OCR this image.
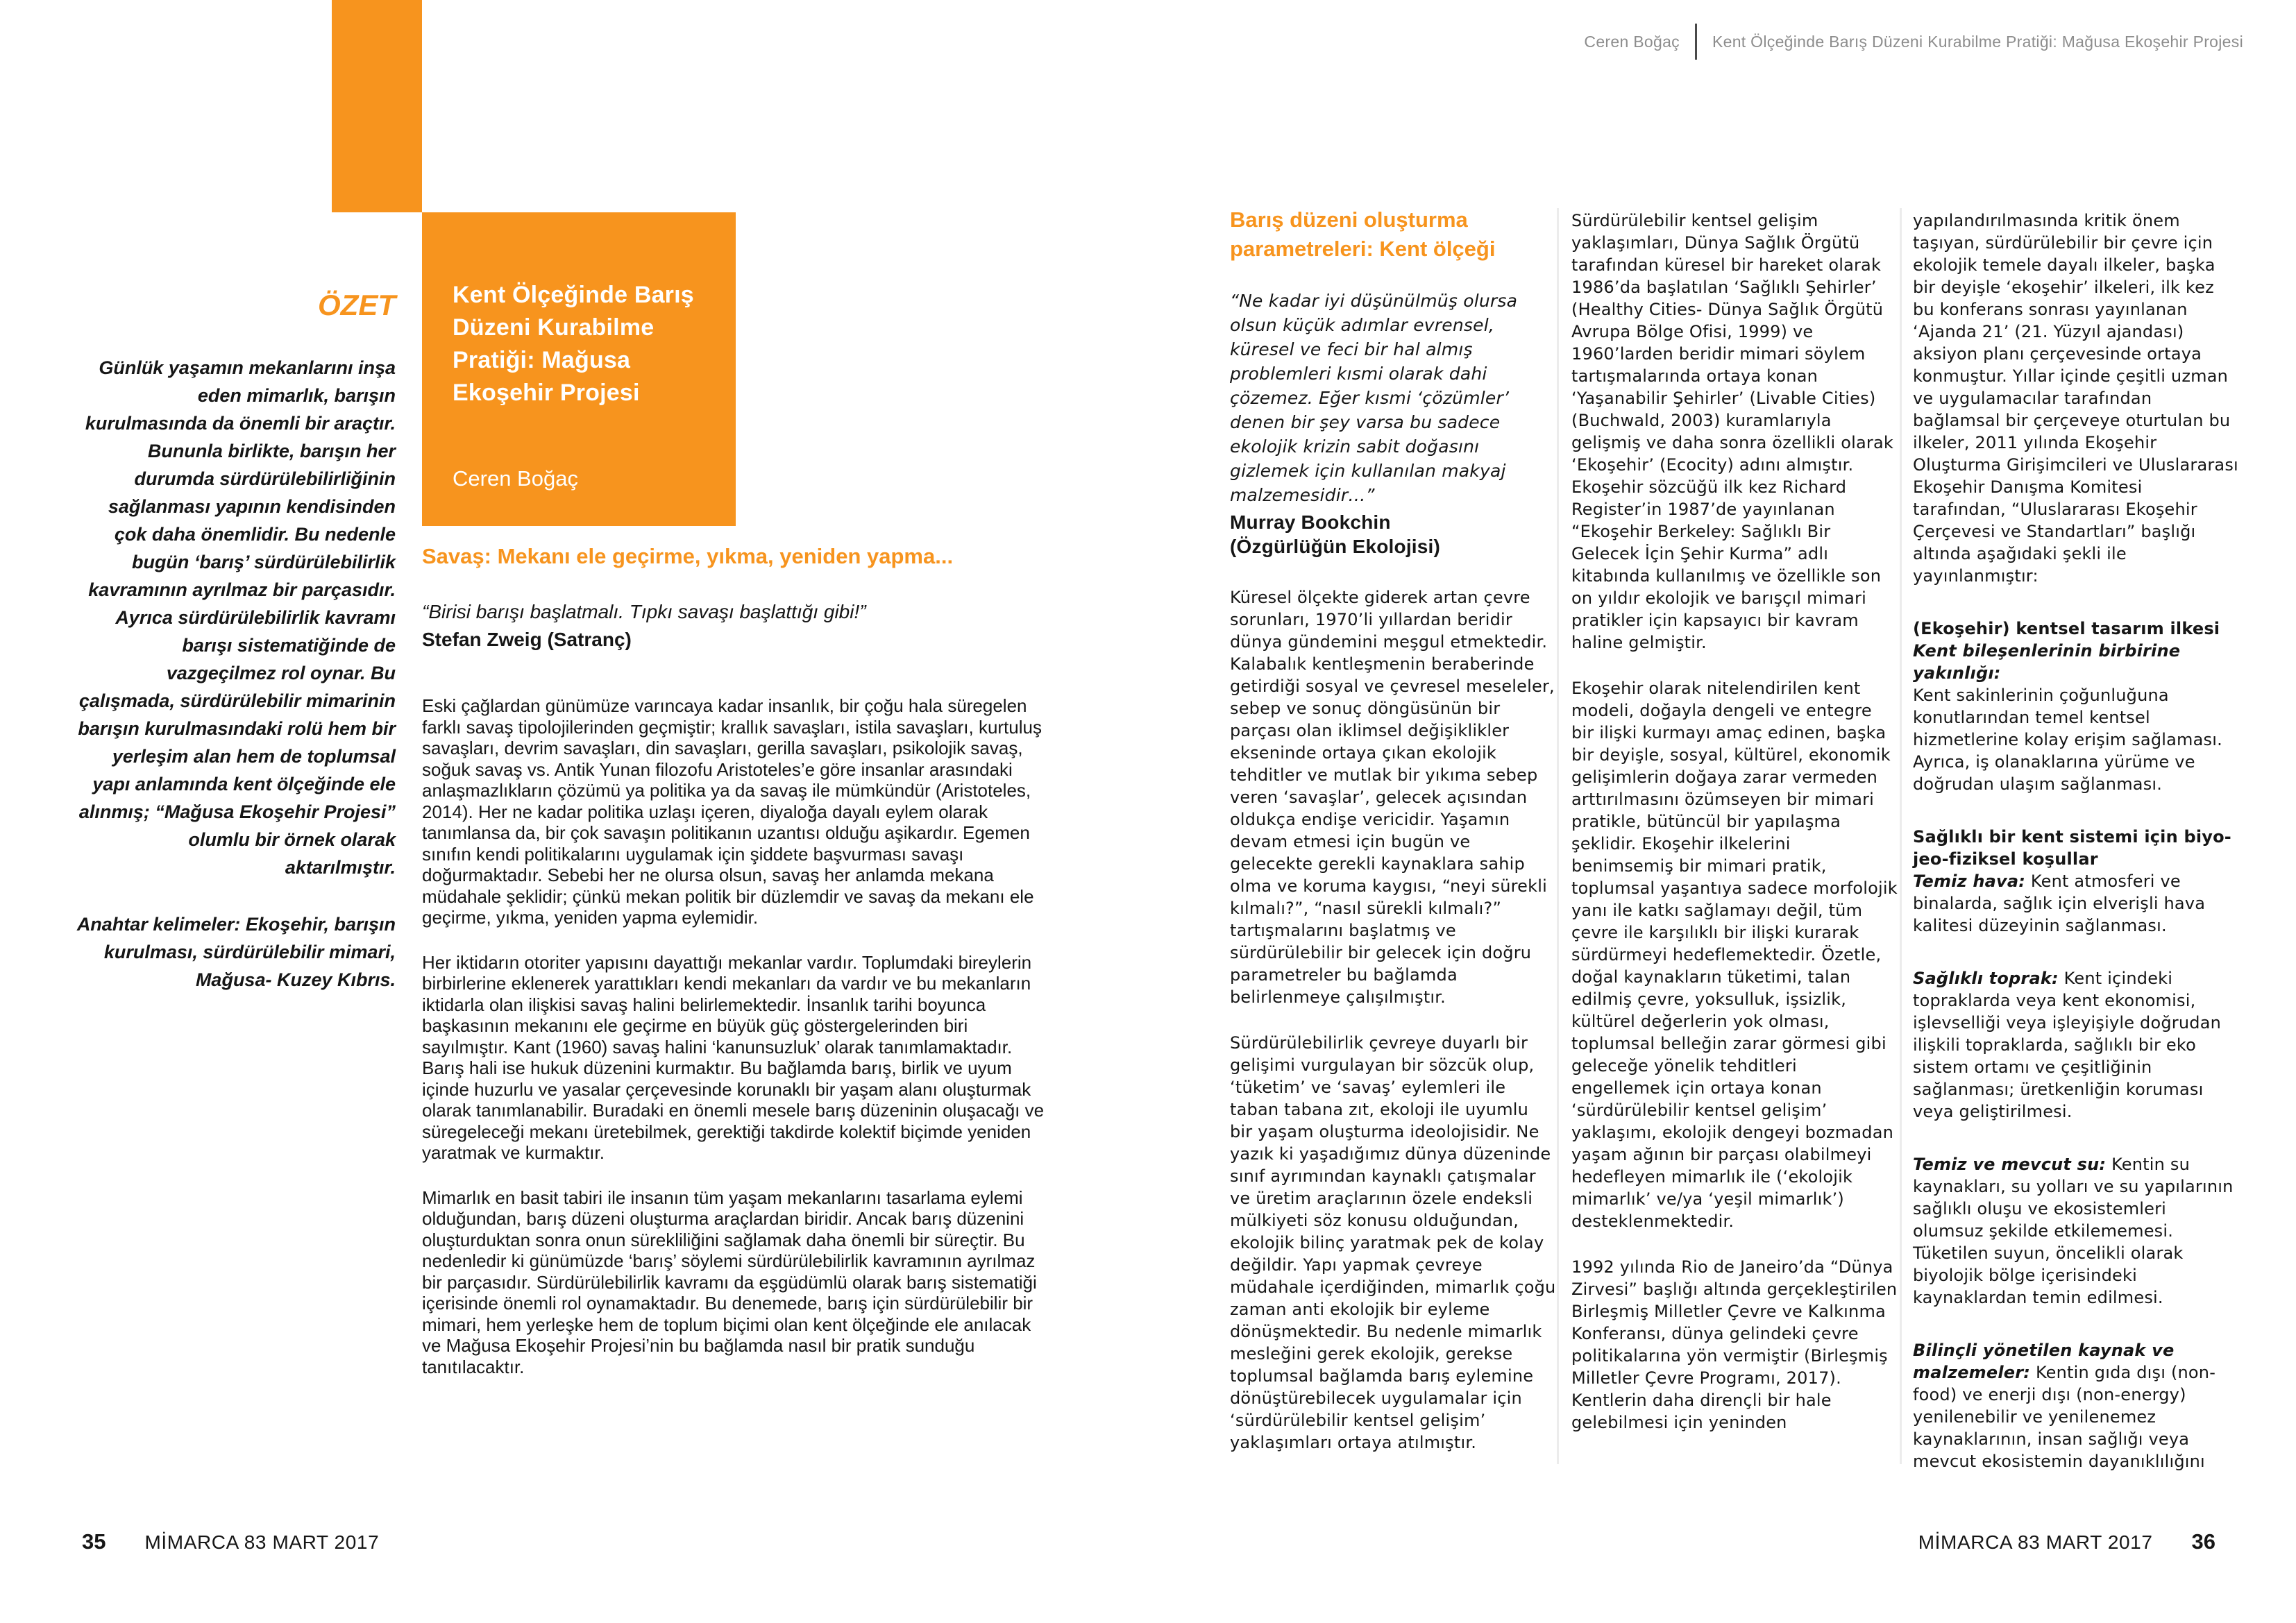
Ceren Boğaç Kent Ölçeğinde Barış Düzeni Kurabilme Pratiği: Mağusa Ekoşehir Projesi
Kent Ölçeğinde Barış Düzeni Kurabilme Pratiği: Mağusa Ekoşehir Projesi
Ceren Boğaç
ÖZET

Günlük yaşamın mekanlarını inşa eden mimarlık, barışın kurulmasında da önemli bir araçtır. Bununla birlikte, barışın her durumda sürdürülebilirliğinin sağlanması yapının kendisinden çok daha önemlidir. Bu nedenle bugün ‘barış’ sürdürülebilirlik kavramının ayrılmaz bir parçasıdır. Ayrıca sürdürülebilirlik kavramı barışı sistematiğinde de vazgeçilmez rol oynar. Bu çalışmada, sürdürülebilir mimarinin barışın kurulmasındaki rolü hem bir yerleşim alan hem de toplumsal yapı anlamında kent ölçeğinde ele alınmış; “Mağusa Ekoşehir Projesi” olumlu bir örnek olarak aktarılmıştır.

Anahtar kelimeler: Ekoşehir, barışın kurulması, sürdürülebilir mimari, Mağusa- Kuzey Kıbrıs.

Savaş: Mekanı ele geçirme, yıkma, yeniden yapma...

“Birisi barışı başlatmalı. Tıpkı savaşı başlattığı gibi!”

Stefan Zweig (Satranç)

Eski çağlardan günümüze varıncaya kadar insanlık, bir çoğu hala süregelen farklı savaş tipolojilerinden geçmiştir; krallık savaşları, istila savaşları, kurtuluş savaşları, devrim savaşları, din savaşları, gerilla savaşları, psikolojik savaş, soğuk savaş vs. Antik Yunan filozofu Aristoteles’e göre insanlar arasındaki anlaşmazlıkların çözümü ya politika ya da savaş ile mümkündür (Aristoteles, 2014). Her ne kadar politika uzlaşı içeren, diyaloğa dayalı eylem olarak tanımlansa da, bir çok savaşın politikanın uzantısı olduğu aşikardır. Egemen sınıfın kendi politikalarını uygulamak için şiddete başvurması savaşı doğurmaktadır. Sebebi her ne olursa olsun, savaş her anlamda mekana müdahale şeklidir; çünkü mekan politik bir düzlemdir ve savaş da mekanı ele geçirme, yıkma, yeniden yapma eylemidir.

Her iktidarın otoriter yapısını dayattığı mekanlar vardır. Toplumdaki bireylerin birbirlerine eklenerek yarattıkları kendi mekanları da vardır ve bu mekanların iktidarla olan ilişkisi savaş halini belirlemektedir. İnsanlık tarihi boyunca başkasının mekanını ele geçirme en büyük güç göstergelerinden biri sayılmıştır. Kant (1960) savaş halini ‘kanunsuzluk’ olarak tanımlamaktadır. Barış hali ise hukuk düzenini kurmaktır. Bu bağlamda barış, birlik ve uyum içinde huzurlu ve yasalar çerçevesinde korunaklı bir yaşam alanı oluşturmak olarak tanımlanabilir. Buradaki en önemli mesele barış düzeninin oluşacağı ve süregeleceği mekanı üretebilmek, gerektiği takdirde kolektif biçimde yeniden yaratmak ve kurmaktır.

Mimarlık en basit tabiri ile insanın tüm yaşam mekanlarını tasarlama eylemi olduğundan, barış düzeni oluşturma araçlardan biridir. Ancak barış düzenini oluşturduktan sonra onun sürekliliğini sağlamak daha önemli bir süreçtir. Bu nedenledir ki günümüzde ‘barış’ söylemi sürdürülebilirlik kavramının ayrılmaz bir parçasıdır. Sürdürülebilirlik kavramı da eşgüdümlü olarak barış sistematiği içerisinde önemli rol oynamaktadır. Bu denemede, barış için sürdürülebilir bir mimari, hem yerleşke hem de toplum biçimi olan kent ölçeğinde ele anılacak ve Mağusa Ekoşehir Projesi’nin bu bağlamda nasıl bir pratik sunduğu tanıtılacaktır.

Barış düzeni oluşturma parametreleri: Kent ölçeği

“Ne kadar iyi düşünülmüş olursa olsun küçük adımlar evrensel, küresel ve feci bir hal almış problemleri kısmi olarak dahi çözemez. Eğer kısmi ‘çözümler’ denen bir şey varsa bu sadece ekolojik krizin sabit doğasını gizlemek için kullanılan makyaj malzemesidir…”

Murray Bookchin

(Özgürlüğün Ekolojisi)

Küresel ölçekte giderek artan çevre sorunları, 1970’li yıllardan beridir dünya gündemini meşgul etmektedir. Kalabalık kentleşmenin beraberinde getirdiği sosyal ve çevresel meseleler, sebep ve sonuç döngüsünün bir parçası olan iklimsel değişiklikler ekseninde ortaya çıkan ekolojik tehditler ve mutlak bir yıkıma sebep veren ‘savaşlar’, gelecek açısından oldukça endişe vericidir. Yaşamın devam etmesi için bugün ve gelecekte gerekli kaynaklara sahip olma ve koruma kaygısı, “neyi sürekli kılmalı?”, “nasıl sürekli kılmalı?” tartışmalarını başlatmış ve sürdürülebilir bir gelecek için doğru parametreler bu bağlamda belirlenmeye çalışılmıştır.

Sürdürülebilirlik çevreye duyarlı bir gelişimi vurgulayan bir sözcük olup, ‘tüketim’ ve ‘savaş’ eylemleri ile taban tabana zıt, ekoloji ile uyumlu bir yaşam oluşturma ideolojisidir. Ne yazık ki yaşadığımız dünya düzeninde sınıf ayrımından kaynaklı çatışmalar ve üretim araçlarının özele endeksli mülkiyeti söz konusu olduğundan, ekolojik bilinç yaratmak pek de kolay değildir. Yapı yapmak çevreye müdahale içerdiğinden, mimarlık çoğu zaman anti ekolojik bir eyleme dönüşmektedir. Bu nedenle mimarlık mesleğini gerek ekolojik, gerekse toplumsal bağlamda barış eylemine dönüştürebilecek uygulamalar için ‘sürdürülebilir kentsel gelişim’ yaklaşımları ortaya atılmıştır.

Sürdürülebilir kentsel gelişim yaklaşımları, Dünya Sağlık Örgütü tarafından küresel bir hareket olarak 1986’da başlatılan ‘Sağlıklı Şehirler’ (Healthy Cities- Dünya Sağlık Örgütü Avrupa Bölge Ofisi, 1999) ve 1960’larden beridir mimari söylem tartışmalarında ortaya konan ‘Yaşanabilir Şehirler’ (Livable Cities) (Buchwald, 2003) kuramlarıyla gelişmiş ve daha sonra özellikli olarak ‘Ekoşehir’ (Ecocity) adını almıştır. Ekoşehir sözcüğü ilk kez Richard Register’in 1987’de yayınlanan “Ekoşehir Berkeley: Sağlıklı Bir Gelecek İçin Şehir Kurma” adlı kitabında kullanılmış ve özellikle son on yıldır ekolojik ve barışçıl mimari pratikler için kapsayıcı bir kavram haline gelmiştir.

Ekoşehir olarak nitelendirilen kent modeli, doğayla dengeli ve entegre bir ilişki kurmayı amaç edinen, başka bir deyişle, sosyal, kültürel, ekonomik gelişimlerin doğaya zarar vermeden arttırılmasını özümseyen bir mimari pratikle, bütüncül bir yapılaşma şeklidir. Ekoşehir ilkelerini benimsemiş bir mimari pratik, toplumsal yaşantıya sadece morfolojik yanı ile katkı sağlamayı değil, tüm çevre ile karşılıklı bir ilişki kurarak sürdürmeyi hedeflemektedir. Özetle, doğal kaynakların tüketimi, talan edilmiş çevre, yoksulluk, işsizlik, kültürel değerlerin yok olması, toplumsal belleğin zarar görmesi gibi geleceğe yönelik tehditleri engellemek için ortaya konan ‘sürdürülebilir kentsel gelişim’ yaklaşımı, ekolojik dengeyi bozmadan yaşam ağının bir parçası olabilmeyi hedefleyen mimarlık ile (‘ekolojik mimarlık’ ve/ya ‘yeşil mimarlık’) desteklenmektedir.

1992 yılında Rio de Janeiro’da “Dünya Zirvesi” başlığı altında gerçekleştirilen Birleşmiş Milletler Çevre ve Kalkınma Konferansı, dünya gelindeki çevre politikalarına yön vermiştir (Birleşmiş Milletler Çevre Programı, 2017). Kentlerin daha dirençli bir hale gelebilmesi için yeninden

yapılandırılmasında kritik önem taşıyan, sürdürülebilir bir çevre için ekolojik temele dayalı ilkeler, başka bir deyişle ‘ekoşehir’ ilkeleri, ilk kez bu konferans sonrası yayınlanan ‘Ajanda 21’ (21. Yüzyıl ajandası) aksiyon planı çerçevesinde ortaya konmuştur. Yıllar içinde çeşitli uzman ve uygulamacılar tarafından bağlamsal bir çerçeveye oturtulan bu ilkeler, 2011 yılında Ekoşehir Oluşturma Girişimcileri ve Uluslararası Ekoşehir Danışma Komitesi tarafından, “Uluslararası Ekoşehir Çerçevesi ve Standartları” başlığı altında aşağıdaki şekli ile yayınlanmıştır:

(Ekoşehir) kentsel tasarım ilkesi
Kent bileşenlerinin birbirine yakınlığı:
Kent sakinlerinin çoğunluğuna konutlarından temel kentsel hizmetlerine kolay erişim sağlaması. Ayrıca, iş olanaklarına yürüme ve doğrudan ulaşım sağlanması.
Sağlıklı bir kent sistemi için biyo-jeo-fiziksel koşullar
Temiz hava: Kent atmosferi ve binalarda, sağlık için elverişli hava kalitesi düzeyinin sağlanması.
Sağlıklı toprak: Kent içindeki topraklarda veya kent ekonomisi, işlevselliği veya işleyişiyle doğrudan ilişkili topraklarda, sağlıklı bir eko sistem ortamı ve çeşitliğinin sağlanması; üretkenliğin koruması veya geliştirilmesi.
Temiz ve mevcut su: Kentin su kaynakları, su yolları ve su yapılarının sağlıklı oluşu ve ekosistemleri olumsuz şekilde etkilememesi. Tüketilen suyun, öncelikli olarak biyolojik bölge içerisindeki kaynaklardan temin edilmesi.
Bilinçli yönetilen kaynak ve malzemeler: Kentin gıda dışı (non-food) ve enerji dışı (non-energy) yenilenebilir ve yenilenemez kaynaklarının, insan sağlığı veya mevcut ekosistemin dayanıklılığını
35 MİMARCA 83 MART 2017	MİMARCA 83 MART 2017 36
